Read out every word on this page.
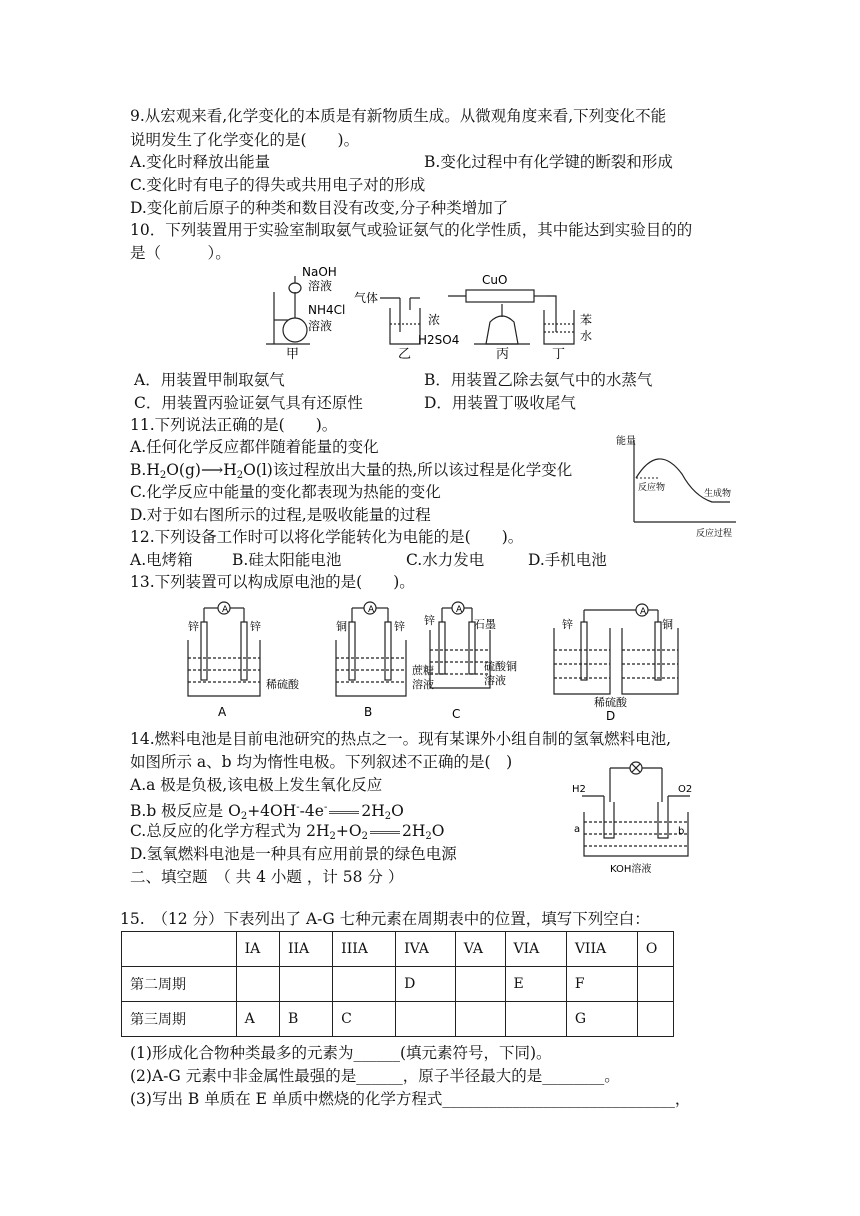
9.从宏观来看,化学变化的本质是有新物质生成。从微观角度来看,下列变化不能
说明发生了化学变化的是(　　)。
A.变化时释放出能量	B.变化过程中有化学键的断裂和形成
C.变化时有电子的得失或共用电子对的形成
D.变化前后原子的种类和数目没有改变,分子种类增加了
10．下列装置用于实验室制取氨气或验证氨气的化学性质，其中能达到实验目的的
是（　　　）。
NaOH
溶液
NH4Cl
溶液
甲
气体
浓
H2SO4
乙
CuO
丙
苯
水
丁
A．用装置甲制取氨气	B．用装置乙除去氨气中的水蒸气
C．用装置丙验证氨气具有还原性	D．用装置丁吸收尾气
11.下列说法正确的是(　　)。
A.任何化学反应都伴随着能量的变化
$B.H_2O(g)⟶H_2O(l)$该过程放出大量的热,所以该过程是化学变化
C.化学反应中能量的变化都表现为热能的变化
D.对于如右图所示的过程,是吸收能量的过程
能量
反应物
生成物
反应过程
12.下列设备工作时可以将化学能转化为电能的是(　　)。
A.电烤箱	B.硅太阳能电池	C.水力发电	D.手机电池
13.下列装置可以构成原电池的是(　　)。
A
锌	锌
稀硫酸
A
A
铜	锌
蔗糖
溶液
B
A
锌	石墨
硫酸铜
溶液
C
A
锌	铜
稀硫酸
D
14.燃料电池是目前电池研究的热点之一。现有某课外小组自制的氢氧燃料电池,
如图所示 a、b 均为惰性电极。下列叙述不正确的是(　)
A.a 极是负极,该电极上发生氧化反应
B.b 极反应是 $O_2+4OH^--4e^-$ $2H_2O$
C.总反应的化学方程式为 $2H_2+O_2$ $2H_2O$
D.氢氧燃料电池是一种具有应用前景的绿色电源
H2	O2
a	b
KOH溶液
二、填空题　（ 共 4 小题 ，计 58 分 ）
15.　（12 分）下表列出了 A-G 七种元素在周期表中的位置，填写下列空白：
	IA	IIA	IIIA	IVA	VA	VIA	VIIA	O
第二周期				D		E	F	
第三周期	A	B	C				G	
(1)形成化合物种类最多的元素为______(填元素符号，下同)。
(2)A-G 元素中非金属性最强的是______，原子半径最大的是________。
(3)写出 B 单质在 E 单质中燃烧的化学方程式______________________________，
